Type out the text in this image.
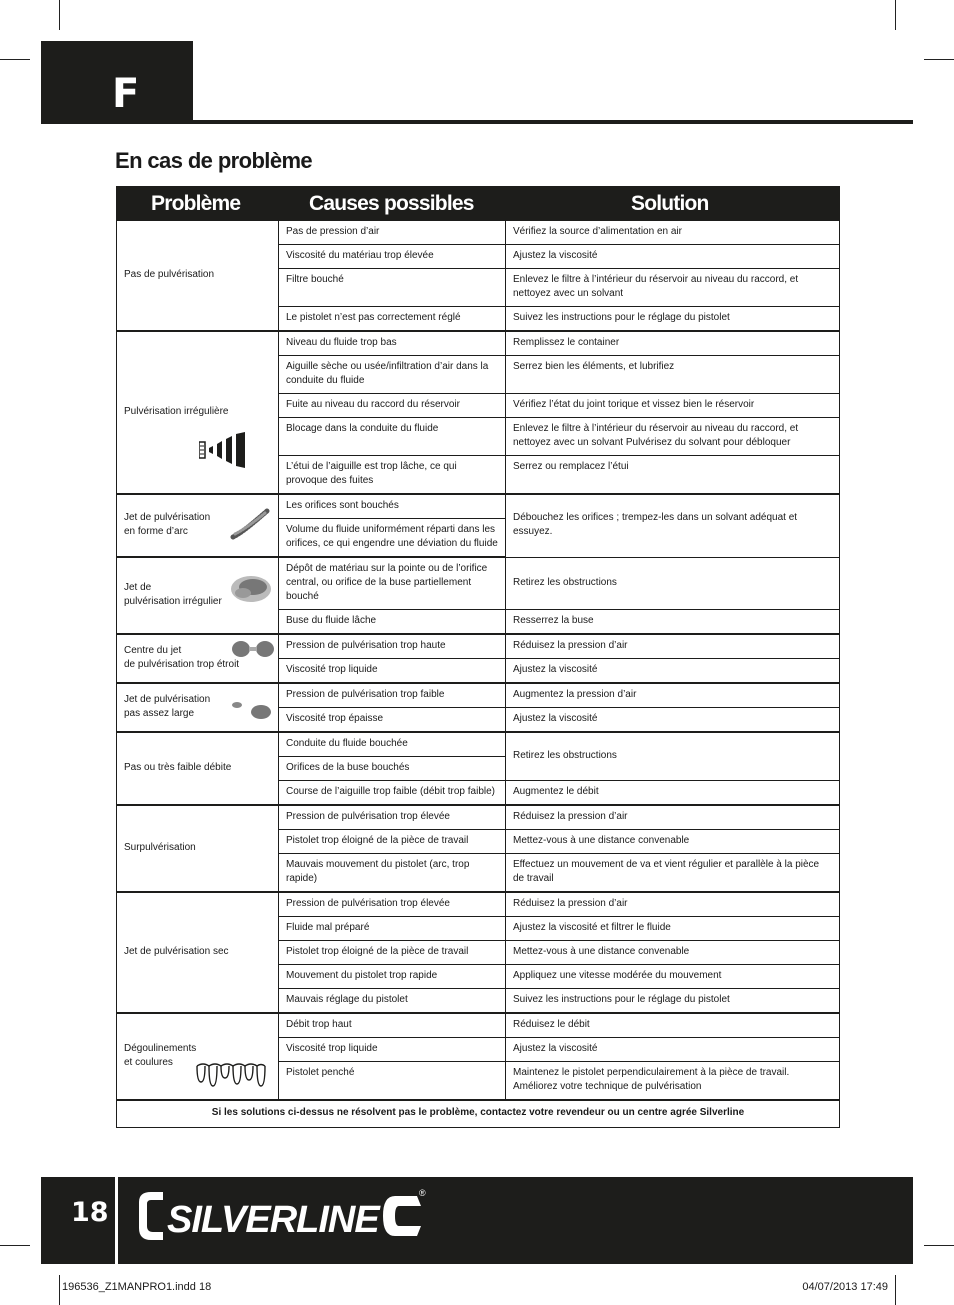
F
En cas de problème
Problème	Causes possibles	Solution

Pas de pulvérisation	Pas de pression d’air	Vérifiez la source d’alimentation en air
	Viscosité du matériau trop élevée	Ajustez la viscosité
	Filtre bouché	Enlevez le filtre à l’intérieur du réservoir au niveau du raccord, et nettoyez avec un solvant
	Le pistolet n’est pas correctement réglé	Suivez les instructions pour le réglage du pistolet

Pulvérisation irrégulière	Niveau du fluide trop bas	Remplissez le container
	Aiguille sèche ou usée/infiltration d’air dans la conduite du fluide	Serrez bien les éléments, et lubrifiez
	Fuite au niveau du raccord du réservoir	Vérifiez l’état du joint torique et vissez bien le réservoir
	Blocage dans la conduite du fluide	Enlevez le filtre à l’intérieur du réservoir au niveau du raccord, et nettoyez avec un solvant Pulvérisez du solvant pour débloquer
	L’étui de l’aiguille est trop lâche, ce qui provoque des fuites	Serrez ou remplacez l’étui

Jet de pulvérisation
en forme d’arc	Les orifices sont bouchés	Débouchez les orifices ; trempez-les dans un solvant adéquat et essuyez.
	Volume du fluide uniformément réparti dans les orifices, ce qui engendre une déviation du fluide	

Jet de
pulvérisation irrégulier	Dépôt de matériau sur la pointe ou de l’orifice central, ou orifice de la buse partiellement bouché	Retirez les obstructions
	Buse du fluide lâche	Resserrez la buse

Centre du jet
de pulvérisation trop étroit	Pression de pulvérisation trop haute	Réduisez la pression d’air
	Viscosité trop liquide	Ajustez la viscosité

Jet de pulvérisation
pas assez large	Pression de pulvérisation trop faible	Augmentez la pression d’air
	Viscosité trop épaisse	Ajustez la viscosité

Pas ou très faible débite	Conduite du fluide bouchée	Retirez les obstructions
	Orifices de la buse bouchés	
	Course de l’aiguille trop faible (débit trop faible)	Augmentez le débit

Surpulvérisation	Pression de pulvérisation trop élevée	Réduisez la pression d’air
	Pistolet trop éloigné de la pièce de travail	Mettez-vous à une distance convenable
	Mauvais mouvement du pistolet (arc, trop rapide)	Effectuez un mouvement de va et vient régulier et parallèle à la pièce de travail

Jet de pulvérisation sec	Pression de pulvérisation trop élevée	Réduisez la pression d’air
	Fluide mal préparé	Ajustez la viscosité et filtrer le fluide
	Pistolet trop éloigné de la pièce de travail	Mettez-vous à une distance convenable
	Mouvement du pistolet trop rapide	Appliquez une vitesse modérée du mouvement
	Mauvais réglage du pistolet	Suivez les instructions pour le réglage du pistolet

Dégoulinements
et coulures	Débit trop haut	Réduisez le débit
	Viscosité trop liquide	Ajustez la viscosité
	Pistolet penché	Maintenez le pistolet perpendiculairement à la pièce de travail. Améliorez votre technique de pulvérisation
Si les solutions ci-dessus ne résolvent pas le problème, contactez votre revendeur ou un centre agrée Silverline		
18 SILVERLINE
®
196536_Z1MANPRO1.indd 18	04/07/2013 17:49
